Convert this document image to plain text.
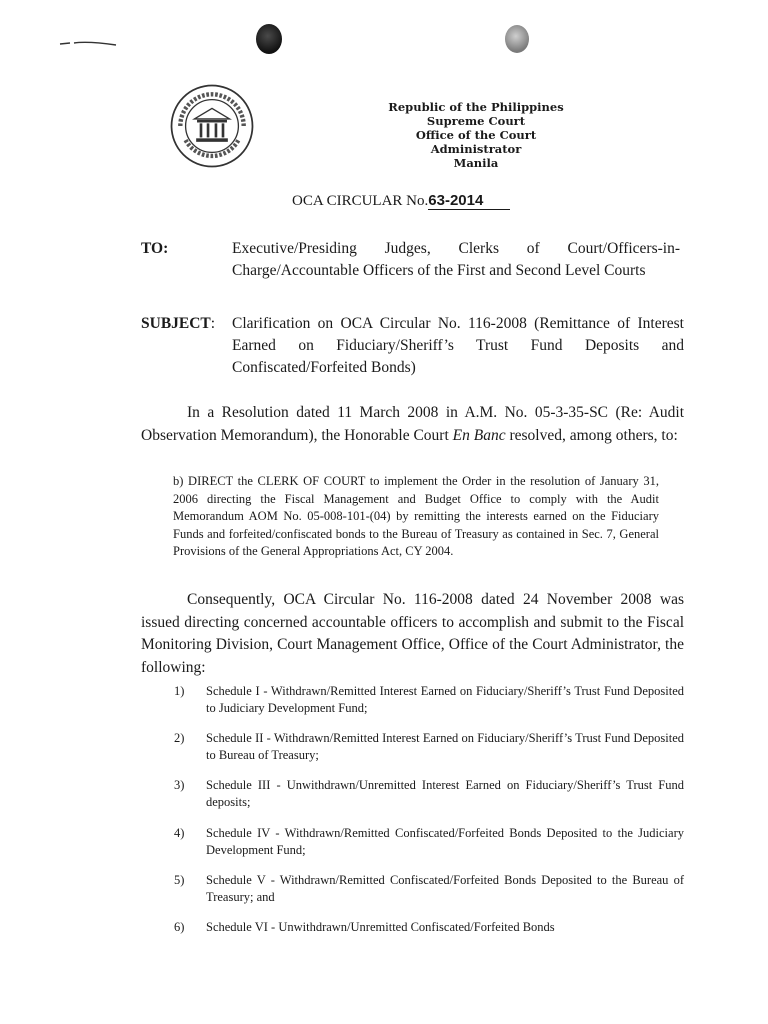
Republic of the Philippines
Supreme Court
Office of the Court Administrator
Manila
OCA CIRCULAR No.63-2014
TO:	Executive/Presiding Judges, Clerks of Court/Officers-in-Charge/Accountable Officers of the First and Second Level Courts
SUBJECT: Clarification on OCA Circular No. 116-2008 (Remittance of Interest Earned on Fiduciary/Sheriff’s Trust Fund Deposits and Confiscated/Forfeited Bonds)

In a Resolution dated 11 March 2008 in A.M. No. 05-3-35-SC (Re: Audit Observation Memorandum), the Honorable Court En Banc resolved, among others, to:

b) DIRECT the CLERK OF COURT to implement the Order in the resolution of January 31, 2006 directing the Fiscal Management and Budget Office to comply with the Audit Memorandum AOM No. 05-008-101-(04) by remitting the interests earned on the Fiduciary Funds and forfeited/confiscated bonds to the Bureau of Treasury as contained in Sec. 7, General Provisions of the General Appropriations Act, CY 2004.

Consequently, OCA Circular No. 116-2008 dated 24 November 2008 was issued directing concerned accountable officers to accomplish and submit to the Fiscal Monitoring Division, Court Management Office, Office of the Court Administrator, the following:

1)	Schedule I - Withdrawn/Remitted Interest Earned on Fiduciary/Sheriff’s Trust Fund Deposited to Judiciary Development Fund;
2)	Schedule II - Withdrawn/Remitted Interest Earned on Fiduciary/Sheriff’s Trust Fund Deposited to Bureau of Treasury;
3)	Schedule III - Unwithdrawn/Unremitted Interest Earned on Fiduciary/Sheriff’s Trust Fund deposits;
4)	Schedule IV - Withdrawn/Remitted Confiscated/Forfeited Bonds Deposited to the Judiciary Development Fund;
5)	Schedule V - Withdrawn/Remitted Confiscated/Forfeited Bonds Deposited to the Bureau of Treasury; and
6)	Schedule VI - Unwithdrawn/Unremitted Confiscated/Forfeited Bonds
